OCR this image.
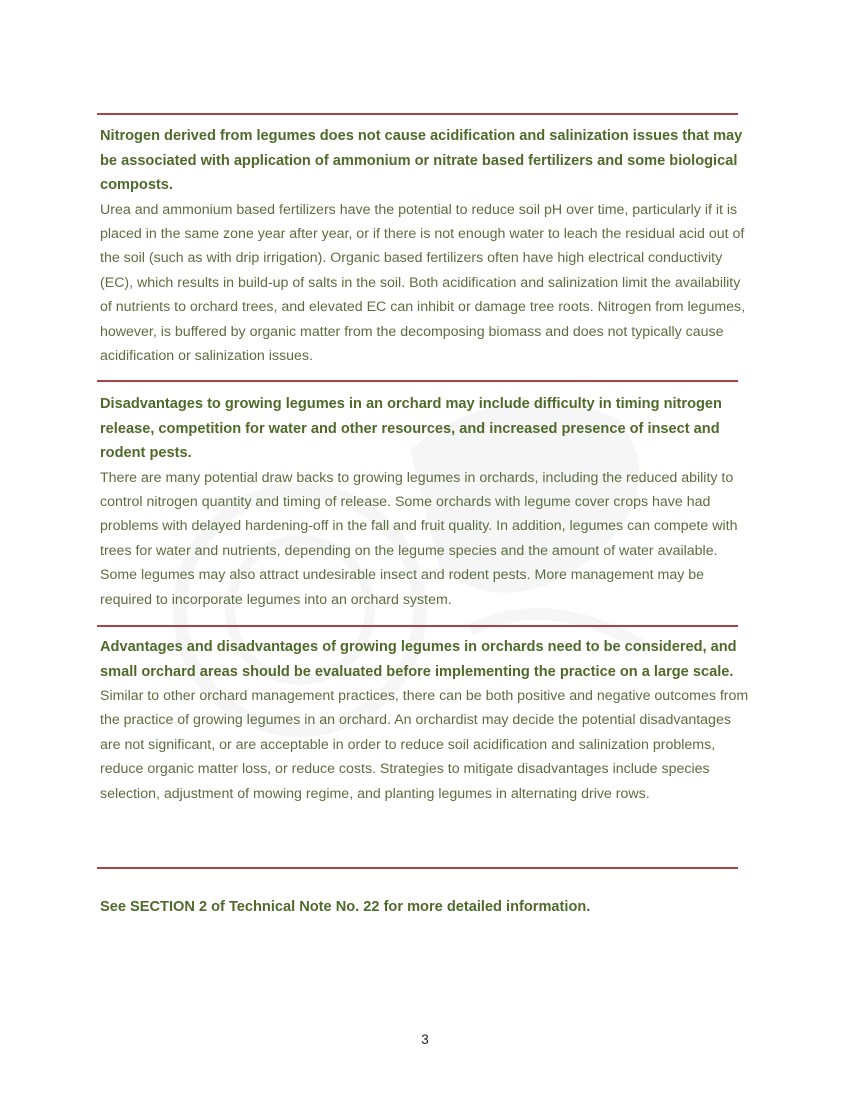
Nitrogen derived from legumes does not cause acidification and salinization issues that may be associated with application of ammonium or nitrate based fertilizers and some biological composts.

Urea and ammonium based fertilizers have the potential to reduce soil pH over time, particularly if it is placed in the same zone year after year, or if there is not enough water to leach the residual acid out of the soil (such as with drip irrigation). Organic based fertilizers often have high electrical conductivity (EC), which results in build-up of salts in the soil. Both acidification and salinization limit the availability of nutrients to orchard trees, and elevated EC can inhibit or damage tree roots. Nitrogen from legumes, however, is buffered by organic matter from the decomposing biomass and does not typically cause acidification or salinization issues.

Disadvantages to growing legumes in an orchard may include difficulty in timing nitrogen release, competition for water and other resources, and increased presence of insect and rodent pests.

There are many potential draw backs to growing legumes in orchards, including the reduced ability to control nitrogen quantity and timing of release. Some orchards with legume cover crops have had problems with delayed hardening-off in the fall and fruit quality. In addition, legumes can compete with trees for water and nutrients, depending on the legume species and the amount of water available. Some legumes may also attract undesirable insect and rodent pests. More management may be required to incorporate legumes into an orchard system.

Advantages and disadvantages of growing legumes in orchards need to be considered, and small orchard areas should be evaluated before implementing the practice on a large scale.

Similar to other orchard management practices, there can be both positive and negative outcomes from the practice of growing legumes in an orchard. An orchardist may decide the potential disadvantages are not significant, or are acceptable in order to reduce soil acidification and salinization problems, reduce organic matter loss, or reduce costs. Strategies to mitigate disadvantages include species selection, adjustment of mowing regime, and planting legumes in alternating drive rows.

See SECTION 2 of Technical Note No. 22 for more detailed information.

3
